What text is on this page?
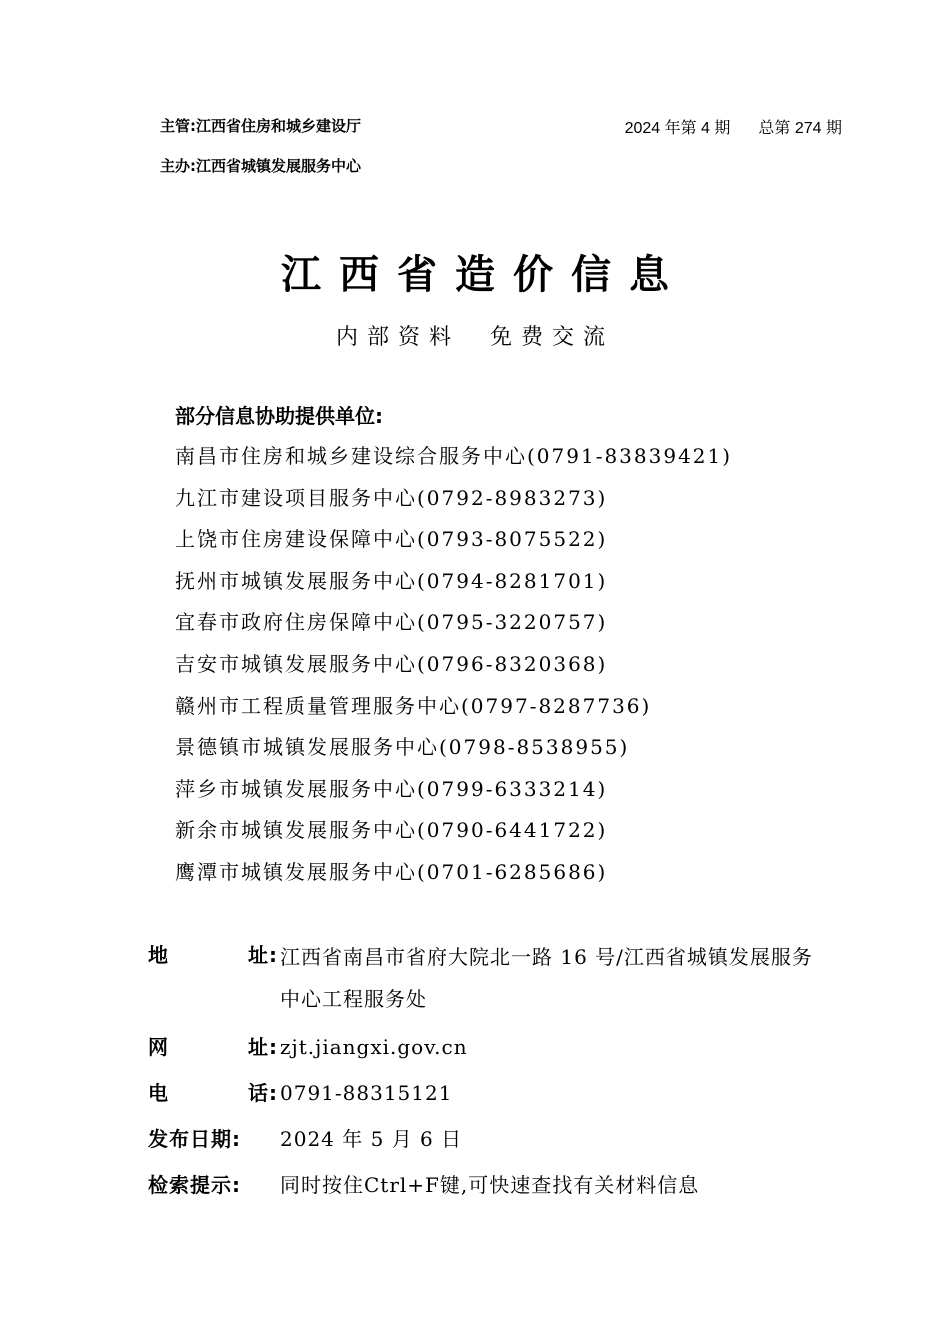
主管:江西省住房和城乡建设厅
主办:江西省城镇发展服务中心
2024 年第 4 期 总第 274 期
江西省造价信息
内部资料 免费交流
部分信息协助提供单位:
南昌市住房和城乡建设综合服务中心(0791-83839421)
九江市建设项目服务中心(0792-8983273)
上饶市住房建设保障中心(0793-8075522)
抚州市城镇发展服务中心(0794-8281701)
宜春市政府住房保障中心(0795-3220757)
吉安市城镇发展服务中心(0796-8320368)
赣州市工程质量管理服务中心(0797-8287736)
景德镇市城镇发展服务中心(0798-8538955)
萍乡市城镇发展服务中心(0799-6333214)
新余市城镇发展服务中心(0790-6441722)
鹰潭市城镇发展服务中心(0701-6285686)
地	址: 江西省南昌市省府大院北一路 16 号/江西省城镇发展服务中心工程服务处
网	址: zjt.jiangxi.gov.cn
电	话: 0791-88315121
发布日期:	2024 年 5 月 6 日
检索提示:	同时按住Ctrl+F键,可快速查找有关材料信息
